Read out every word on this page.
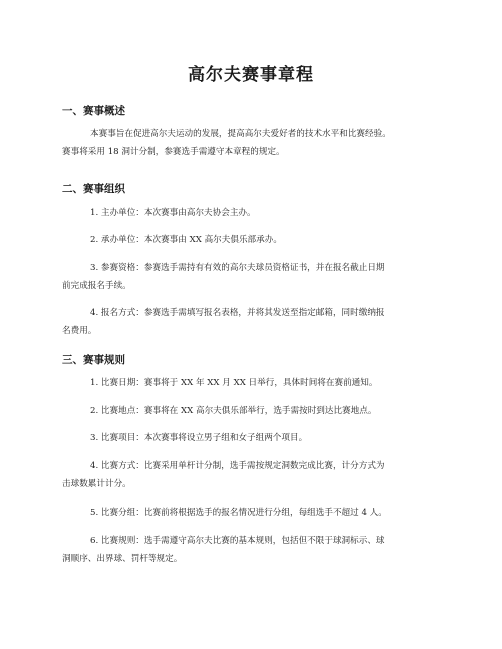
高尔夫赛事章程
一、赛事概述

本赛事旨在促进高尔夫运动的发展，提高高尔夫爱好者的技术水平和比赛经验。
赛事将采用 18 洞计分制，参赛选手需遵守本章程的规定。

二、赛事组织

1. 主办单位：本次赛事由高尔夫协会主办。

2. 承办单位：本次赛事由 XX 高尔夫俱乐部承办。

3. 参赛资格：参赛选手需持有有效的高尔夫球员资格证书，并在报名截止日期
前完成报名手续。

4. 报名方式：参赛选手需填写报名表格，并将其发送至指定邮箱，同时缴纳报
名费用。

三、赛事规则

1. 比赛日期：赛事将于 XX 年 XX 月 XX 日举行，具体时间将在赛前通知。

2. 比赛地点：赛事将在 XX 高尔夫俱乐部举行，选手需按时到达比赛地点。

3. 比赛项目：本次赛事将设立男子组和女子组两个项目。

4. 比赛方式：比赛采用单杆计分制，选手需按规定洞数完成比赛，计分方式为
击球数累计计分。

5. 比赛分组：比赛前将根据选手的报名情况进行分组，每组选手不超过 4 人。

6. 比赛规则：选手需遵守高尔夫比赛的基本规则，包括但不限于球洞标示、球
洞顺序、出界球、罚杆等规定。
